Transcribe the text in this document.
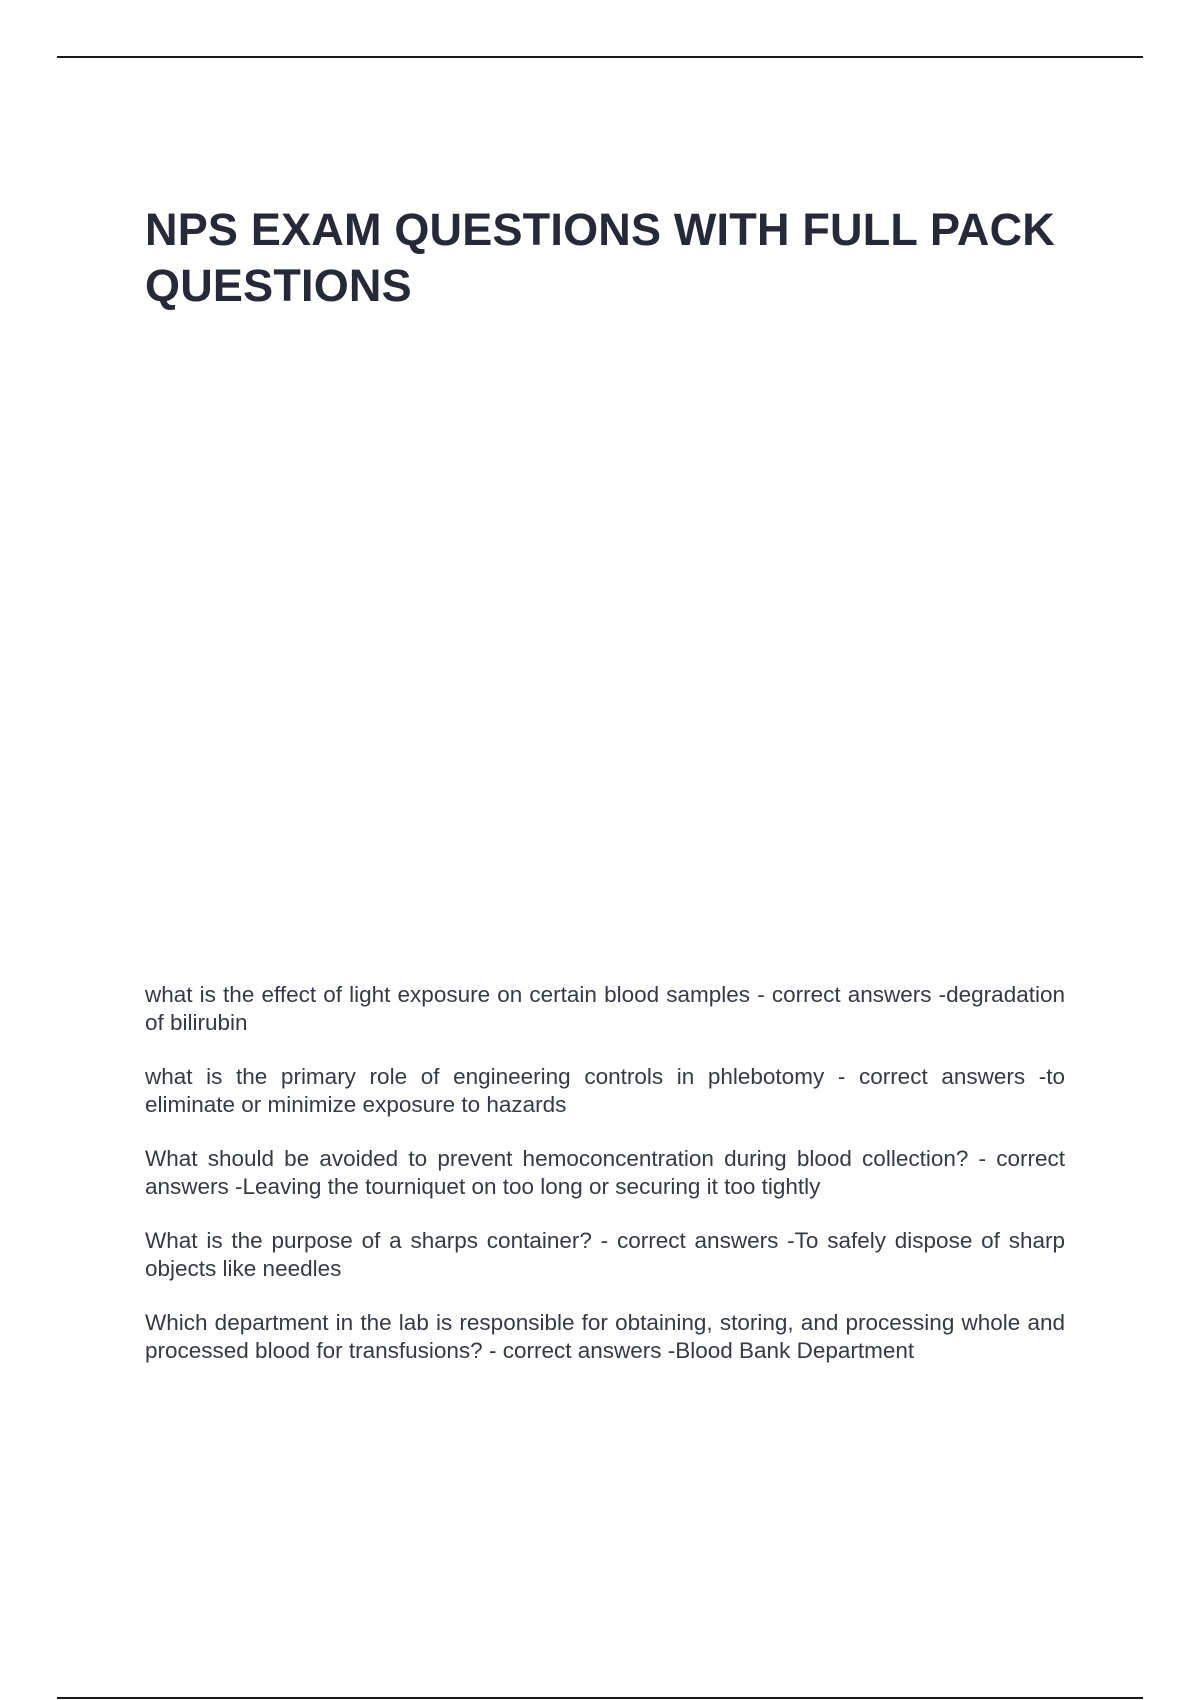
NPS EXAM QUESTIONS WITH FULL PACK QUESTIONS
what is the effect of light exposure on certain blood samples - correct answers -degradation of bilirubin
what is the primary role of engineering controls in phlebotomy - correct answers -to eliminate or minimize exposure to hazards
What should be avoided to prevent hemoconcentration during blood collection? - correct answers -Leaving the tourniquet on too long or securing it too tightly
What is the purpose of a sharps container? - correct answers -To safely dispose of sharp objects like needles
Which department in the lab is responsible for obtaining, storing, and processing whole and processed blood for transfusions? - correct answers -Blood Bank Department
